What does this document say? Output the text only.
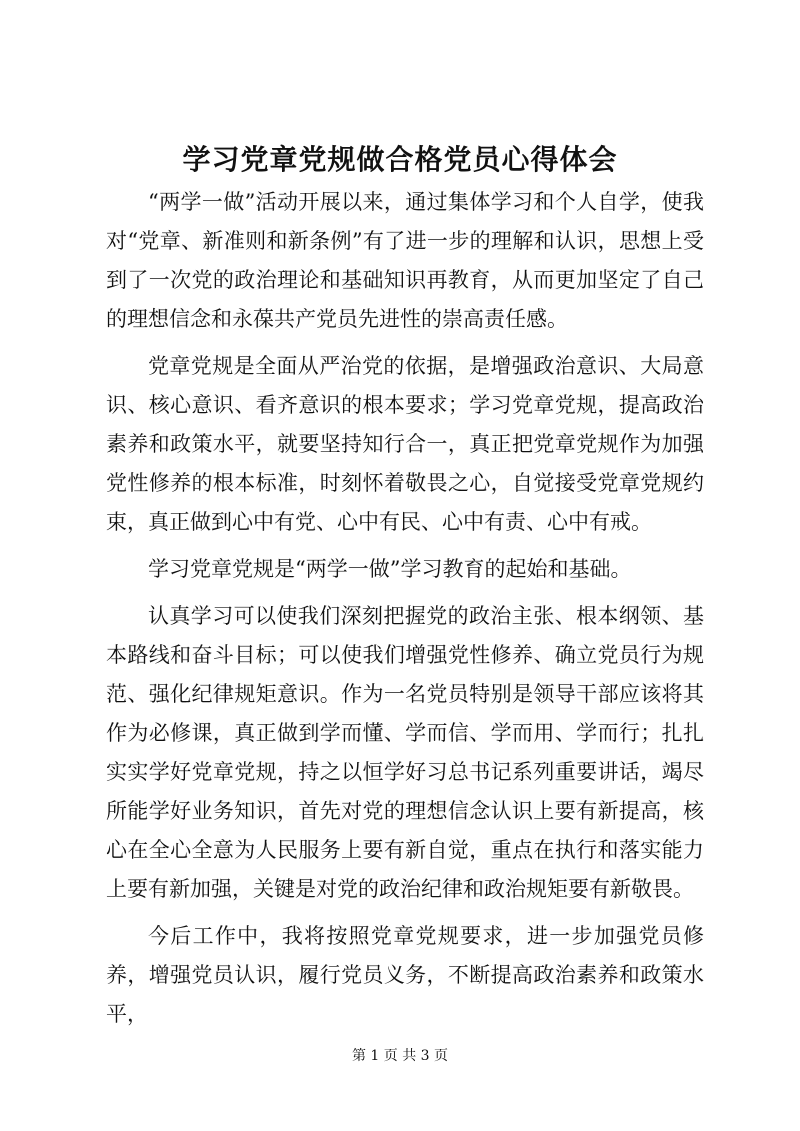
学习党章党规做合格党员心得体会

“两学一做”活动开展以来，通过集体学习和个人自学，使我对“党章、新准则和新条例”有了进一步的理解和认识，思想上受到了一次党的政治理论和基础知识再教育，从而更加坚定了自己的理想信念和永葆共产党员先进性的崇高责任感。

党章党规是全面从严治党的依据，是增强政治意识、大局意识、核心意识、看齐意识的根本要求；学习党章党规，提高政治素养和政策水平，就要坚持知行合一，真正把党章党规作为加强党性修养的根本标准，时刻怀着敬畏之心，自觉接受党章党规约束，真正做到心中有党、心中有民、心中有责、心中有戒。

学习党章党规是“两学一做”学习教育的起始和基础。

认真学习可以使我们深刻把握党的政治主张、根本纲领、基本路线和奋斗目标；可以使我们增强党性修养、确立党员行为规范、强化纪律规矩意识。作为一名党员特别是领导干部应该将其作为必修课，真正做到学而懂、学而信、学而用、学而行；扎扎实实学好党章党规，持之以恒学好习总书记系列重要讲话，竭尽所能学好业务知识，首先对党的理想信念认识上要有新提高，核心在全心全意为人民服务上要有新自觉，重点在执行和落实能力上要有新加强，关键是对党的政治纪律和政治规矩要有新敬畏。

今后工作中，我将按照党章党规要求，进一步加强党员修养，增强党员认识，履行党员义务，不断提高政治素养和政策水平，

第 1 页 共 3 页
